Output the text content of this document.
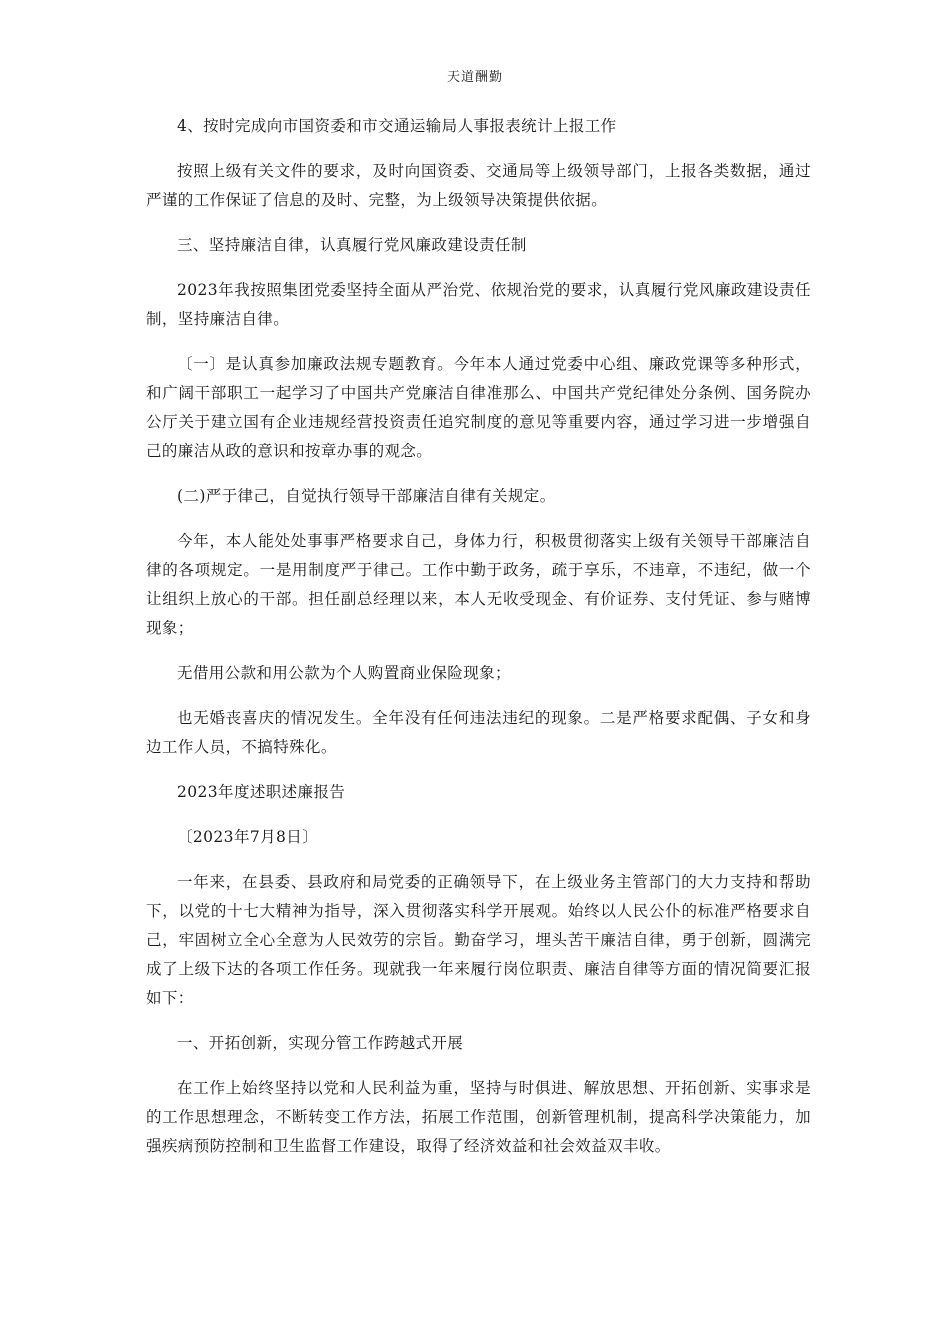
天道酬勤

4、按时完成向市国资委和市交通运输局人事报表统计上报工作

按照上级有关文件的要求，及时向国资委、交通局等上级领导部门，上报各类数据，通过严谨的工作保证了信息的及时、完整，为上级领导决策提供依据。

三、坚持廉洁自律，认真履行党风廉政建设责任制

2023年我按照集团党委坚持全面从严治党、依规治党的要求，认真履行党风廉政建设责任制，坚持廉洁自律。

〔一〕是认真参加廉政法规专题教育。今年本人通过党委中心组、廉政党课等多种形式，和广阔干部职工一起学习了中国共产党廉洁自律准那么、中国共产党纪律处分条例、国务院办公厅关于建立国有企业违规经营投资责任追究制度的意见等重要内容，通过学习进一步增强自己的廉洁从政的意识和按章办事的观念。

(二)严于律己，自觉执行领导干部廉洁自律有关规定。

今年，本人能处处事事严格要求自己，身体力行，积极贯彻落实上级有关领导干部廉洁自律的各项规定。一是用制度严于律己。工作中勤于政务，疏于享乐，不违章，不违纪，做一个让组织上放心的干部。担任副总经理以来，本人无收受现金、有价证券、支付凭证、参与赌博现象；

无借用公款和用公款为个人购置商业保险现象；

也无婚丧喜庆的情况发生。全年没有任何违法违纪的现象。二是严格要求配偶、子女和身边工作人员，不搞特殊化。

2023年度述职述廉报告

〔2023年7月8日〕

一年来，在县委、县政府和局党委的正确领导下，在上级业务主管部门的大力支持和帮助下，以党的十七大精神为指导，深入贯彻落实科学开展观。始终以人民公仆的标准严格要求自己，牢固树立全心全意为人民效劳的宗旨。勤奋学习，埋头苦干廉洁自律，勇于创新，圆满完成了上级下达的各项工作任务。现就我一年来履行岗位职责、廉洁自律等方面的情况简要汇报如下：

一、开拓创新，实现分管工作跨越式开展

在工作上始终坚持以党和人民利益为重，坚持与时俱进、解放思想、开拓创新、实事求是的工作思想理念，不断转变工作方法，拓展工作范围，创新管理机制，提高科学决策能力，加强疾病预防控制和卫生监督工作建设，取得了经济效益和社会效益双丰收。
